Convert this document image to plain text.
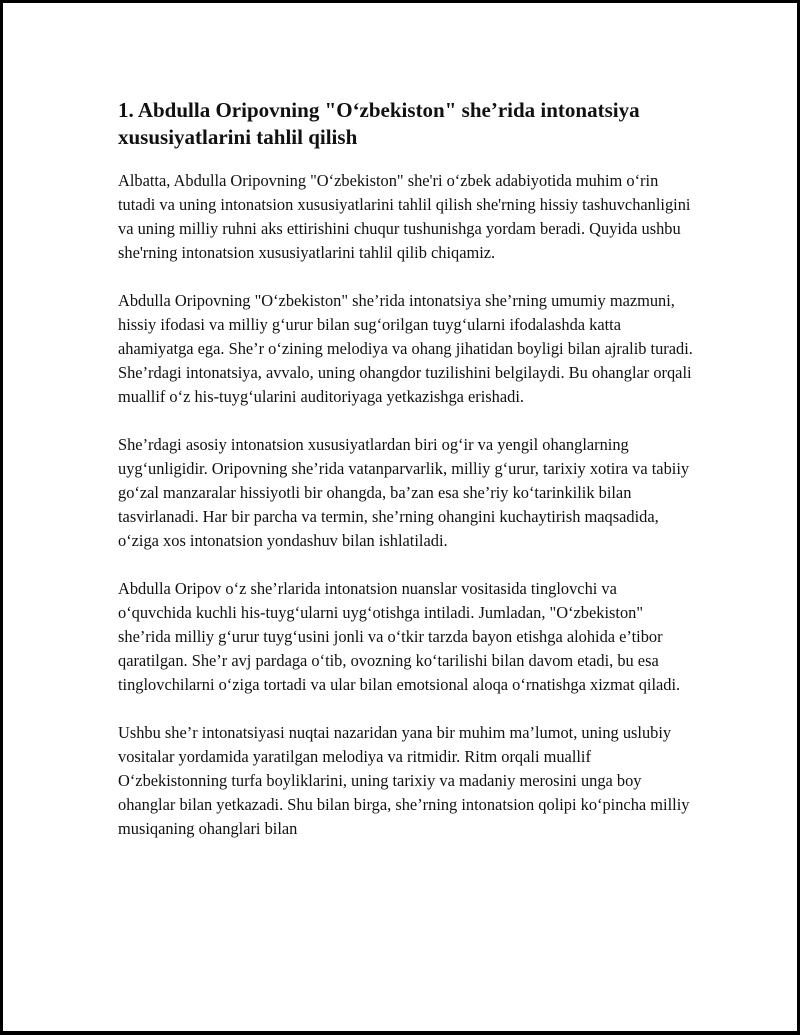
1. Abdulla Oripovning "O‘zbekiston" she’rida intonatsiya xususiyatlarini tahlil qilish

Albatta, Abdulla Oripovning "O‘zbekiston" she'ri o‘zbek adabiyotida muhim o‘rin tutadi va uning intonatsion xususiyatlarini tahlil qilish she'rning hissiy tashuvchanligini va uning milliy ruhni aks ettirishini chuqur tushunishga yordam beradi. Quyida ushbu she'rning intonatsion xususiyatlarini tahlil qilib chiqamiz.

Abdulla Oripovning "O‘zbekiston" she’rida intonatsiya she’rning umumiy mazmuni, hissiy ifodasi va milliy g‘urur bilan sug‘orilgan tuyg‘ularni ifodalashda katta ahamiyatga ega. She’r o‘zining melodiya va ohang jihatidan boyligi bilan ajralib turadi. She’rdagi intonatsiya, avvalo, uning ohangdor tuzilishini belgilaydi. Bu ohanglar orqali muallif o‘z his-tuyg‘ularini auditoriyaga yetkazishga erishadi.

She’rdagi asosiy intonatsion xususiyatlardan biri og‘ir va yengil ohanglarning uyg‘unligidir. Oripovning she’rida vatanparvarlik, milliy g‘urur, tarixiy xotira va tabiiy go‘zal manzaralar hissiyotli bir ohangda, ba’zan esa she’riy ko‘tarinkilik bilan tasvirlanadi. Har bir parcha va termin, she’rning ohangini kuchaytirish maqsadida, o‘ziga xos intonatsion yondashuv bilan ishlatiladi.

Abdulla Oripov o‘z she’rlarida intonatsion nuanslar vositasida tinglovchi va o‘quvchida kuchli his-tuyg‘ularni uyg‘otishga intiladi. Jumladan, "O‘zbekiston" she’rida milliy g‘urur tuyg‘usini jonli va o‘tkir tarzda bayon etishga alohida e’tibor qaratilgan. She’r avj pardaga o‘tib, ovozning ko‘tarilishi bilan davom etadi, bu esa tinglovchilarni o‘ziga tortadi va ular bilan emotsional aloqa o‘rnatishga xizmat qiladi.

Ushbu she’r intonatsiyasi nuqtai nazaridan yana bir muhim ma’lumot, uning uslubiy vositalar yordamida yaratilgan melodiya va ritmidir. Ritm orqali muallif O‘zbekistonning turfa boyliklarini, uning tarixiy va madaniy merosini unga boy ohanglar bilan yetkazadi. Shu bilan birga, she’rning intonatsion qolipi ko‘pincha milliy musiqaning ohanglari bilan
